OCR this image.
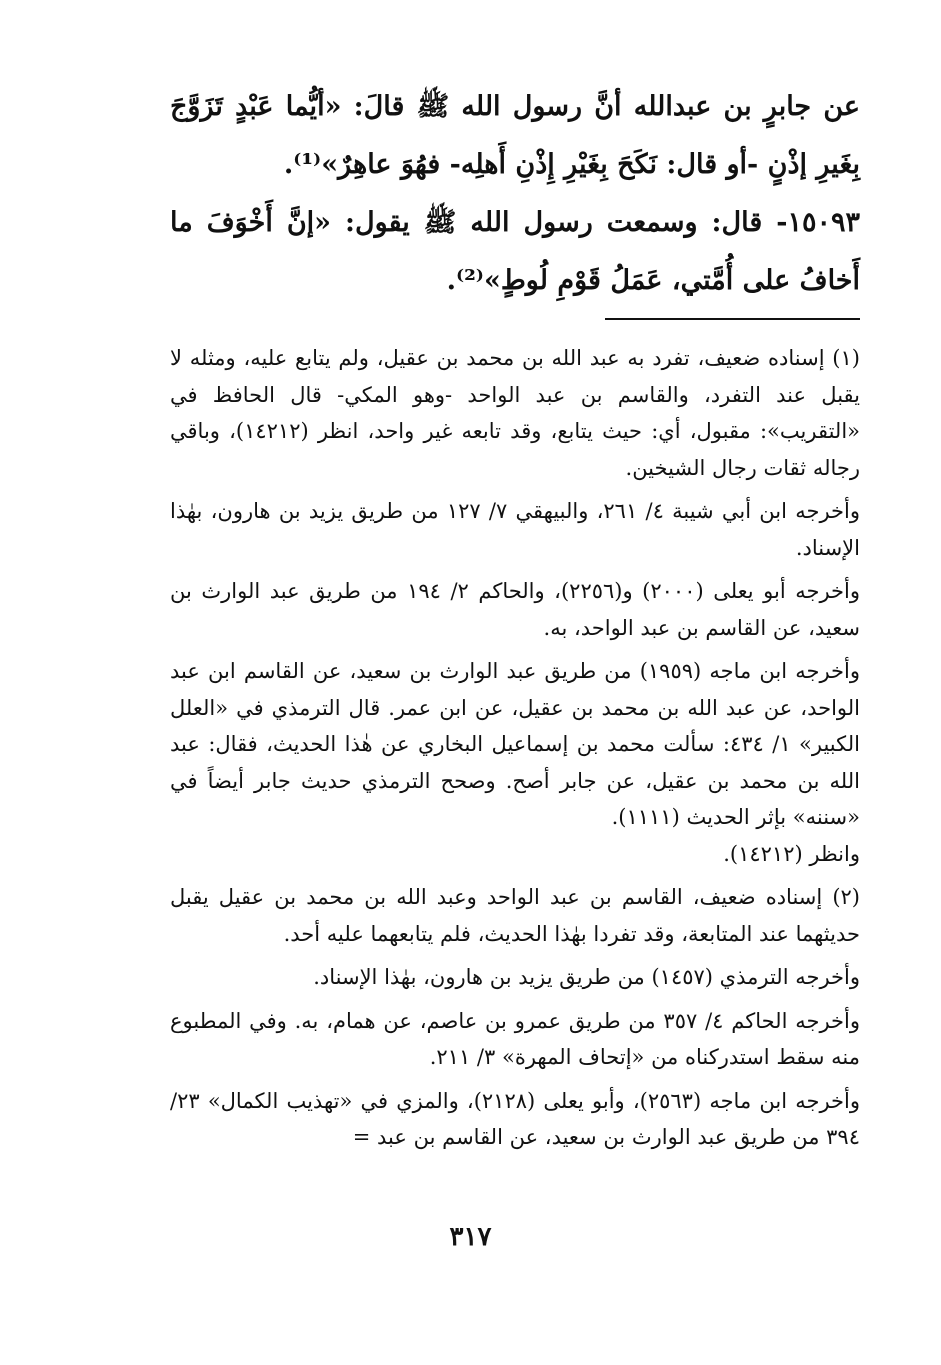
عن جابرٍ بن عبدالله أنَّ رسول الله ﷺ قالَ: «أيُّما عَبْدٍ تَزَوَّجَ بِغَيرِ إذْنٍ -أو قال: نَكَحَ بِغَيْرِ إِذْنِ أَهلِه- فهُوَ عاهِرٌ»⁽¹⁾.

١٥٠٩٣- قال: وسمعت رسول الله ﷺ يقول: «إنَّ أَخْوَفَ ما أَخافُ على أُمَّتي، عَمَلُ قَوْمِ لُوطٍ»⁽²⁾.

(١) إسناده ضعيف، تفرد به عبد الله بن محمد بن عقيل، ولم يتابع عليه، ومثله لا يقبل عند التفرد، والقاسم بن عبد الواحد -وهو المكي- قال الحافظ في «التقريب»: مقبول، أي: حيث يتابع، وقد تابعه غير واحد، انظر (١٤٢١٢)، وباقي رجاله ثقات رجال الشيخين.

وأخرجه ابن أبي شيبة ٤/ ٢٦١، والبيهقي ٧/ ١٢٧ من طريق يزيد بن هارون، بهٰذا الإسناد.

وأخرجه أبو يعلى (٢٠٠٠) و(٢٢٥٦)، والحاكم ٢/ ١٩٤ من طريق عبد الوارث بن سعيد، عن القاسم بن عبد الواحد، به.

وأخرجه ابن ماجه (١٩٥٩) من طريق عبد الوارث بن سعيد، عن القاسم ابن عبد الواحد، عن عبد الله بن محمد بن عقيل، عن ابن عمر. قال الترمذي في «العلل الكبير» ١/ ٤٣٤: سألت محمد بن إسماعيل البخاري عن هٰذا الحديث، فقال: عبد الله بن محمد بن عقيل، عن جابر أصح. وصحح الترمذي حديث جابر أيضاً في «سننه» بإثر الحديث (١١١١).

وانظر (١٤٢١٢).

(٢) إسناده ضعيف، القاسم بن عبد الواحد وعبد الله بن محمد بن عقيل يقبل حديثهما عند المتابعة، وقد تفردا بهٰذا الحديث، فلم يتابعهما عليه أحد.

وأخرجه الترمذي (١٤٥٧) من طريق يزيد بن هارون، بهٰذا الإسناد.

وأخرجه الحاكم ٤/ ٣٥٧ من طريق عمرو بن عاصم، عن همام، به. وفي المطبوع منه سقط استدركناه من «إتحاف المهرة» ٣/ ٢١١.

وأخرجه ابن ماجه (٢٥٦٣)، وأبو يعلى (٢١٢٨)، والمزي في «تهذيب الكمال» ٢٣/ ٣٩٤ من طريق عبد الوارث بن سعيد، عن القاسم بن عبد =

٣١٧
